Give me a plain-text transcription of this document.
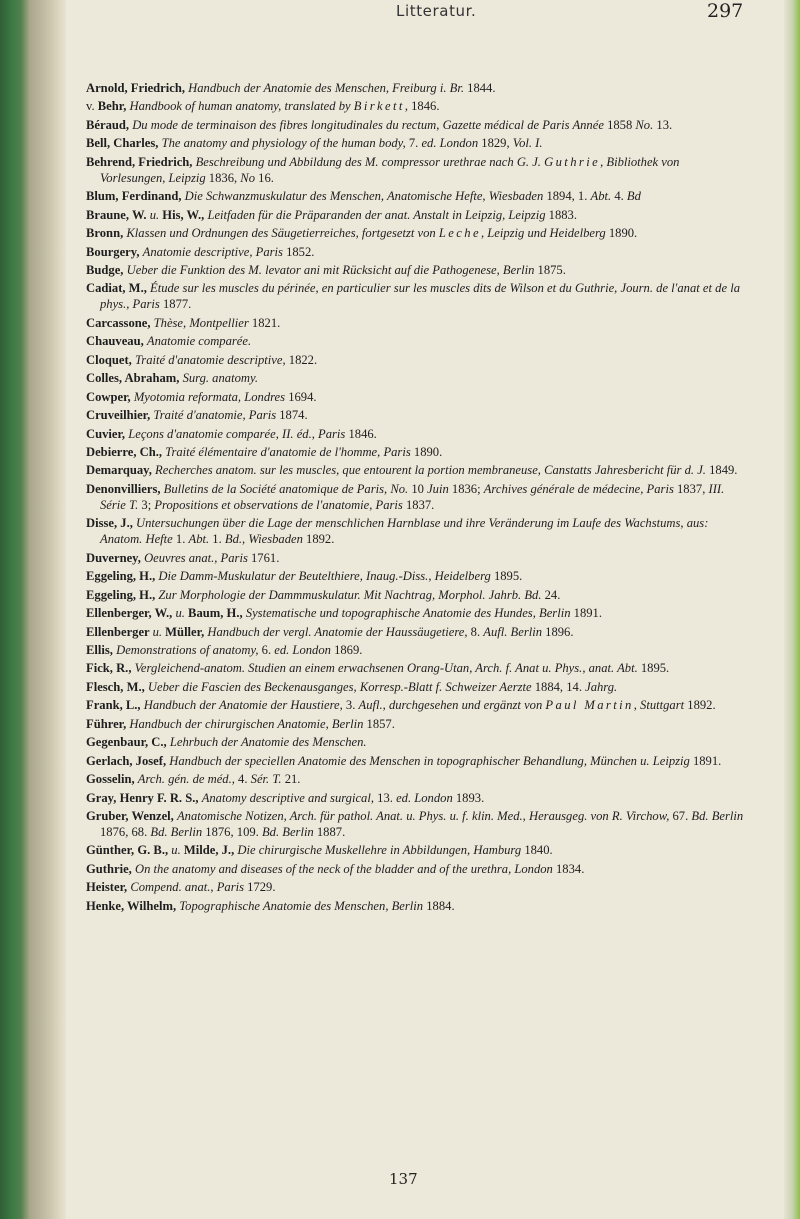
Litteratur.	297

Arnold, Friedrich, Handbuch der Anatomie des Menschen, Freiburg i. Br. 1844.

v. Behr, Handbook of human anatomy, translated by Birkett, 1846.

Béraud, Du mode de terminaison des fibres longitudinales du rectum, Gazette médical de Paris Année 1858 No. 13.

Bell, Charles, The anatomy and physiology of the human body, 7. ed. London 1829, Vol. I.

Behrend, Friedrich, Beschreibung und Abbildung des M. compressor urethrae nach G. J. Guthrie, Bibliothek von Vorlesungen, Leipzig 1836, No 16.

Blum, Ferdinand, Die Schwanzmuskulatur des Menschen, Anatomische Hefte, Wiesbaden 1894, 1. Abt. 4. Bd

Braune, W. u. His, W., Leitfaden für die Präparanden der anat. Anstalt in Leipzig, Leipzig 1883.

Bronn, Klassen und Ordnungen des Säugetierreiches, fortgesetzt von Leche, Leipzig und Heidelberg 1890.

Bourgery, Anatomie descriptive, Paris 1852.

Budge, Ueber die Funktion des M. levator ani mit Rücksicht auf die Pathogenese, Berlin 1875.

Cadiat, M., Étude sur les muscles du périnée, en particulier sur les muscles dits de Wilson et du Guthrie, Journ. de l'anat et de la phys., Paris 1877.

Carcassone, Thèse, Montpellier 1821.

Chauveau, Anatomie comparée.

Cloquet, Traité d'anatomie descriptive, 1822.

Colles, Abraham, Surg. anatomy.

Cowper, Myotomia reformata, Londres 1694.

Cruveilhier, Traité d'anatomie, Paris 1874.

Cuvier, Leçons d'anatomie comparée, II. éd., Paris 1846.

Debierre, Ch., Traité élémentaire d'anatomie de l'homme, Paris 1890.

Demarquay, Recherches anatom. sur les muscles, que entourent la portion membraneuse, Canstatts Jahresbericht für d. J. 1849.

Denonvilliers, Bulletins de la Société anatomique de Paris, No. 10 Juin 1836; Archives générale de médecine, Paris 1837, III. Série T. 3; Propositions et observations de l'anatomie, Paris 1837.

Disse, J., Untersuchungen über die Lage der menschlichen Harnblase und ihre Veränderung im Laufe des Wachstums, aus: Anatom. Hefte 1. Abt. 1. Bd., Wiesbaden 1892.

Duverney, Oeuvres anat., Paris 1761.

Eggeling, H., Die Damm-Muskulatur der Beutelthiere, Inaug.-Diss., Heidelberg 1895.

Eggeling, H., Zur Morphologie der Dammmuskulatur. Mit Nachtrag, Morphol. Jahrb. Bd. 24.

Ellenberger, W., u. Baum, H., Systematische und topographische Anatomie des Hundes, Berlin 1891.

Ellenberger u. Müller, Handbuch der vergl. Anatomie der Haussäugetiere, 8. Aufl. Berlin 1896.

Ellis, Demonstrations of anatomy, 6. ed. London 1869.

Fick, R., Vergleichend-anatom. Studien an einem erwachsenen Orang-Utan, Arch. f. Anat u. Phys., anat. Abt. 1895.

Flesch, M., Ueber die Fascien des Beckenausganges, Korresp.-Blatt f. Schweizer Aerzte 1884, 14. Jahrg.

Frank, L., Handbuch der Anatomie der Haustiere, 3. Aufl., durchgesehen und ergänzt von Paul Martin, Stuttgart 1892.

Führer, Handbuch der chirurgischen Anatomie, Berlin 1857.

Gegenbaur, C., Lehrbuch der Anatomie des Menschen.

Gerlach, Josef, Handbuch der speciellen Anatomie des Menschen in topographischer Behandlung, München u. Leipzig 1891.

Gosselin, Arch. gén. de méd., 4. Sér. T. 21.

Gray, Henry F. R. S., Anatomy descriptive and surgical, 13. ed. London 1893.

Gruber, Wenzel, Anatomische Notizen, Arch. für pathol. Anat. u. Phys. u. f. klin. Med., Herausgeg. von R. Virchow, 67. Bd. Berlin 1876, 68. Bd. Berlin 1876, 109. Bd. Berlin 1887.

Günther, G. B., u. Milde, J., Die chirurgische Muskellehre in Abbildungen, Hamburg 1840.

Guthrie, On the anatomy and diseases of the neck of the bladder and of the urethra, London 1834.

Heister, Compend. anat., Paris 1729.

Henke, Wilhelm, Topographische Anatomie des Menschen, Berlin 1884.

137
